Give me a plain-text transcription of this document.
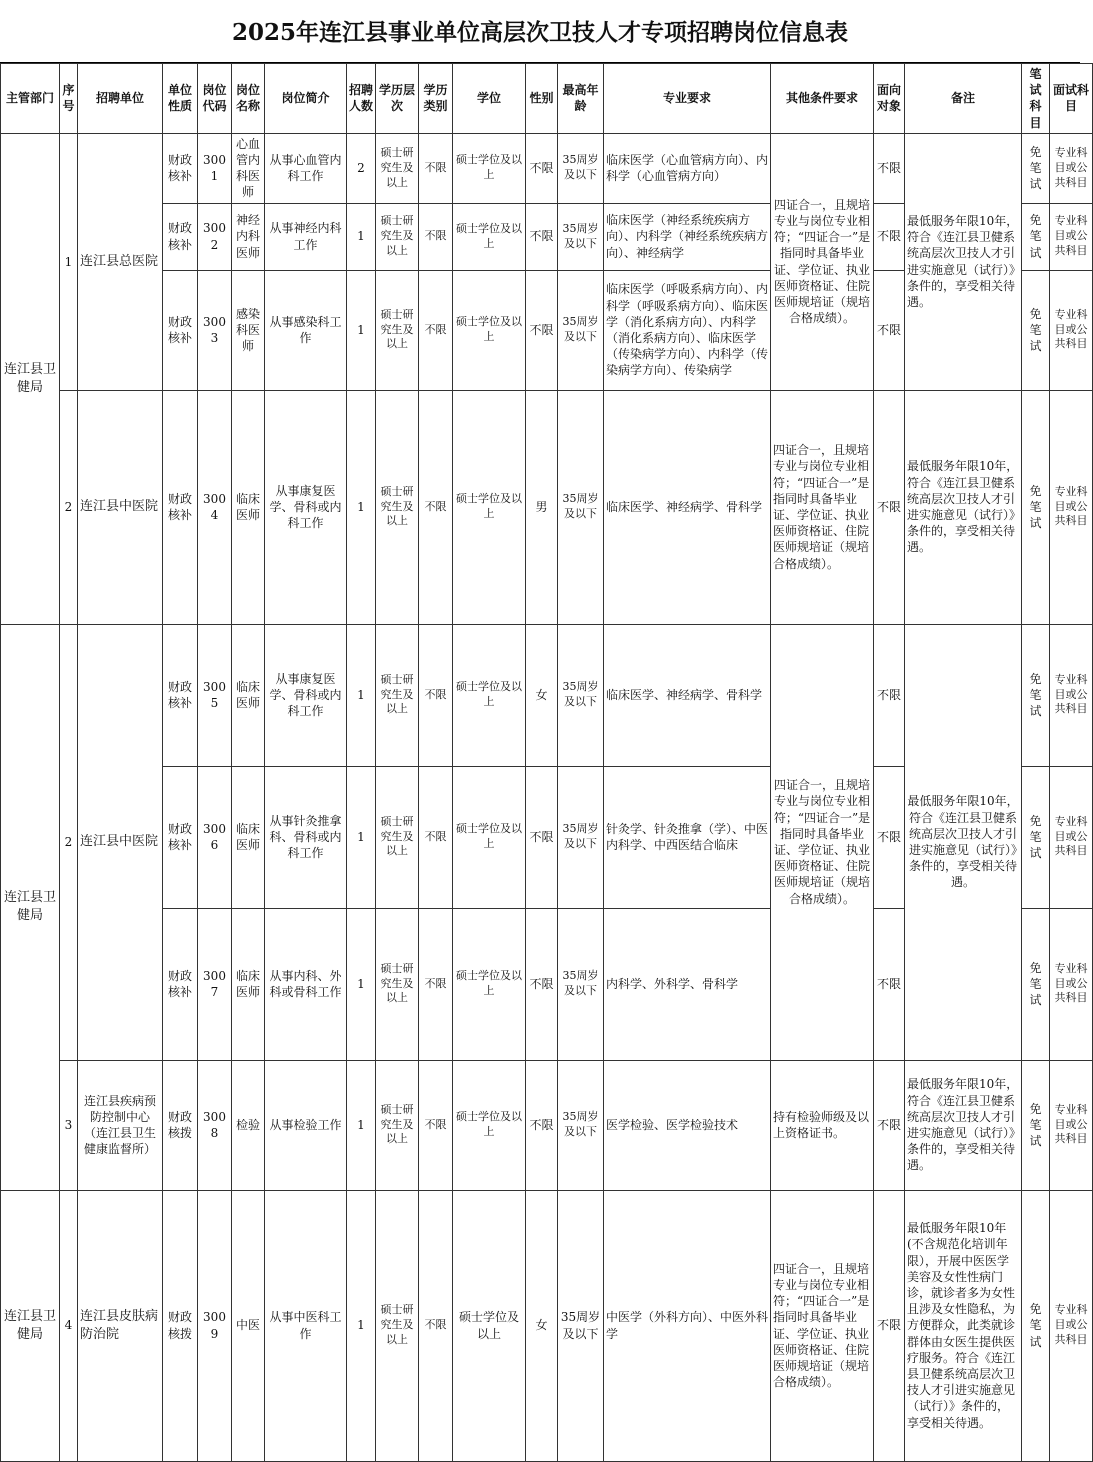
2025年连江县事业单位高层次卫技人才专项招聘岗位信息表
主管部门	序号	招聘单位	单位性质	岗位代码	岗位名称	岗位简介	招聘人数	学历层次	学历类别	学位	性别	最高年龄	专业要求	其他条件要求	面向对象	备注	笔试科目	面试科目
连江县卫健局	1	连江县总医院	财政核补	3001	心血管内科医师	从事心血管内科工作	2	硕士研究生及以上	不限	硕士学位及以上	不限	35周岁及以下	临床医学（心血管病方向）、内科学（心血管病方向）	四证合一，且规培专业与岗位专业相符；“四证合一”是指同时具备毕业证、学位证、执业医师资格证、住院医师规培证（规培合格成绩）。	不限	最低服务年限10年，符合《连江县卫健系统高层次卫技人才引进实施意见（试行）》条件的，享受相关待遇。	免笔试	专业科目或公共科目
			财政核补	3002	神经内科医师	从事神经内科工作	1	硕士研究生及以上	不限	硕士学位及以上	不限	35周岁及以下	临床医学（神经系统疾病方向）、内科学（神经系统疾病方向）、神经病学		不限		免笔试	专业科目或公共科目
			财政核补	3003	感染科医师	从事感染科工作	1	硕士研究生及以上	不限	硕士学位及以上	不限	35周岁及以下	临床医学（呼吸系病方向）、内科学（呼吸系病方向）、临床医学（消化系病方向）、内科学（消化系病方向）、临床医学（传染病学方向）、内科学（传染病学方向）、传染病学		不限		免笔试	专业科目或公共科目
	2	连江县中医院	财政核补	3004	临床医师	从事康复医学、骨科或内科工作	1	硕士研究生及以上	不限	硕士学位及以上	男	35周岁及以下	临床医学、神经病学、骨科学	四证合一，且规培专业与岗位专业相符；“四证合一”是指同时具备毕业证、学位证、执业医师资格证、住院医师规培证（规培合格成绩）。	不限	最低服务年限10年，符合《连江县卫健系统高层次卫技人才引进实施意见（试行）》条件的，享受相关待遇。	免笔试	专业科目或公共科目
连江县卫健局	2	连江县中医院	财政核补	3005	临床医师	从事康复医学、骨科或内科工作	1	硕士研究生及以上	不限	硕士学位及以上	女	35周岁及以下	临床医学、神经病学、骨科学	四证合一，且规培专业与岗位专业相符；“四证合一”是指同时具备毕业证、学位证、执业医师资格证、住院医师规培证（规培合格成绩）。	不限	最低服务年限10年，符合《连江县卫健系统高层次卫技人才引进实施意见（试行）》条件的，享受相关待遇。	免笔试	专业科目或公共科目
			财政核补	3006	临床医师	从事针灸推拿科、骨科或内科工作	1	硕士研究生及以上	不限	硕士学位及以上	不限	35周岁及以下	针灸学、针灸推拿（学）、中医内科学、中西医结合临床		不限		免笔试	专业科目或公共科目
			财政核补	3007	临床医师	从事内科、外科或骨科工作	1	硕士研究生及以上	不限	硕士学位及以上	不限	35周岁及以下	内科学、外科学、骨科学		不限		免笔试	专业科目或公共科目
	3	连江县疾病预防控制中心（连江县卫生健康监督所）	财政核拨	3008	检验	从事检验工作	1	硕士研究生及以上	不限	硕士学位及以上	不限	35周岁及以下	医学检验、医学检验技术	持有检验师级及以上资格证书。	不限	最低服务年限10年，符合《连江县卫健系统高层次卫技人才引进实施意见（试行）》条件的，享受相关待遇。	免笔试	专业科目或公共科目
连江县卫健局	4	连江县皮肤病防治院	财政核拨	3009	中医	从事中医科工作	1	硕士研究生及以上	不限	硕士学位及以上	女	35周岁及以下	中医学（外科方向）、中医外科学	四证合一，且规培专业与岗位专业相符；“四证合一”是指同时具备毕业证、学位证、执业医师资格证、住院医师规培证（规培合格成绩）。	不限	最低服务年限10年(不含规范化培训年限），开展中医医学美容及女性性病门诊，就诊者多为女性且涉及女性隐私，为方便群众，此类就诊群体由女医生提供医疗服务。符合《连江县卫健系统高层次卫技人才引进实施意见（试行）》条件的，享受相关待遇。	免笔试	专业科目或公共科目
